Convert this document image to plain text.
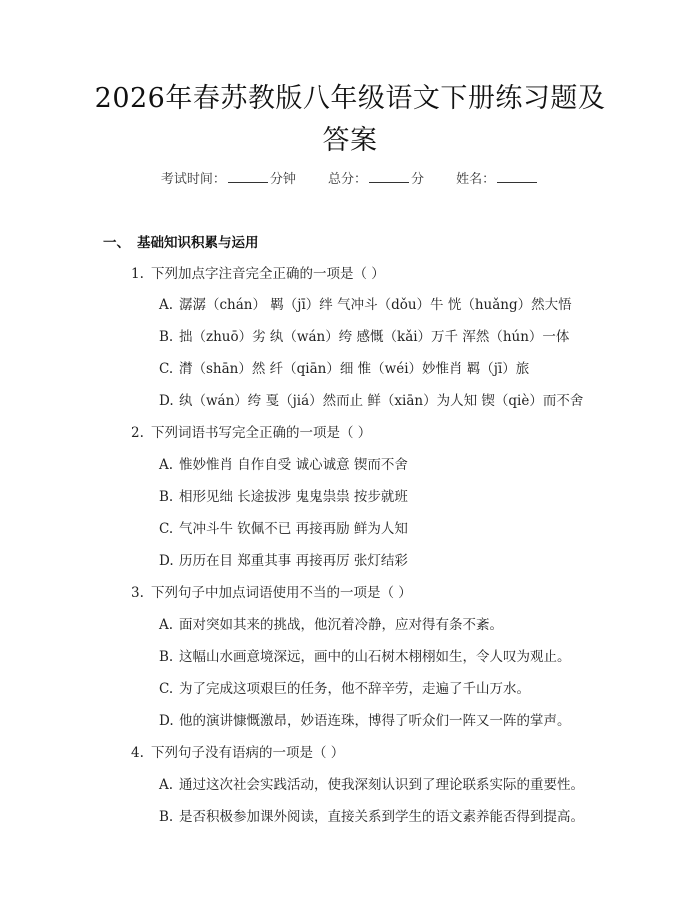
2026年春苏教版八年级语文下册练习题及答案
考试时间：	分钟 总分：	分 姓名：
一、 基础知识积累与运用
1. 下列加点字注音完全正确的一项是（ ）
A. 潺潺（chán） 羁（jī）绊 气冲斗（dǒu）牛 恍（huǎng）然大悟
B. 拙（zhuō）劣 纨（wán）绔 感慨（kǎi）万千 浑然（hún）一体
C. 潸（shān）然 纤（qiān）细 惟（wéi）妙惟肖 羁（jī）旅
D. 纨（wán）绔 戛（jiá）然而止 鲜（xiān）为人知 锲（qiè）而不舍
2. 下列词语书写完全正确的一项是（ ）
A. 惟妙惟肖 自作自受 诚心诚意 锲而不舍
B. 相形见绌 长途拔涉 鬼鬼祟祟 按步就班
C. 气冲斗牛 钦佩不已 再接再励 鲜为人知
D. 历历在目 郑重其事 再接再厉 张灯结彩
3. 下列句子中加点词语使用不当的一项是（ ）
A. 面对突如其来的挑战，他沉着冷静，应对得有条不紊。
B. 这幅山水画意境深远，画中的山石树木栩栩如生，令人叹为观止。
C. 为了完成这项艰巨的任务，他不辞辛劳，走遍了千山万水。
D. 他的演讲慷慨激昂，妙语连珠，博得了听众们一阵又一阵的掌声。
4. 下列句子没有语病的一项是（ ）
A. 通过这次社会实践活动，使我深刻认识到了理论联系实际的重要性。
B. 是否积极参加课外阅读，直接关系到学生的语文素养能否得到提高。
